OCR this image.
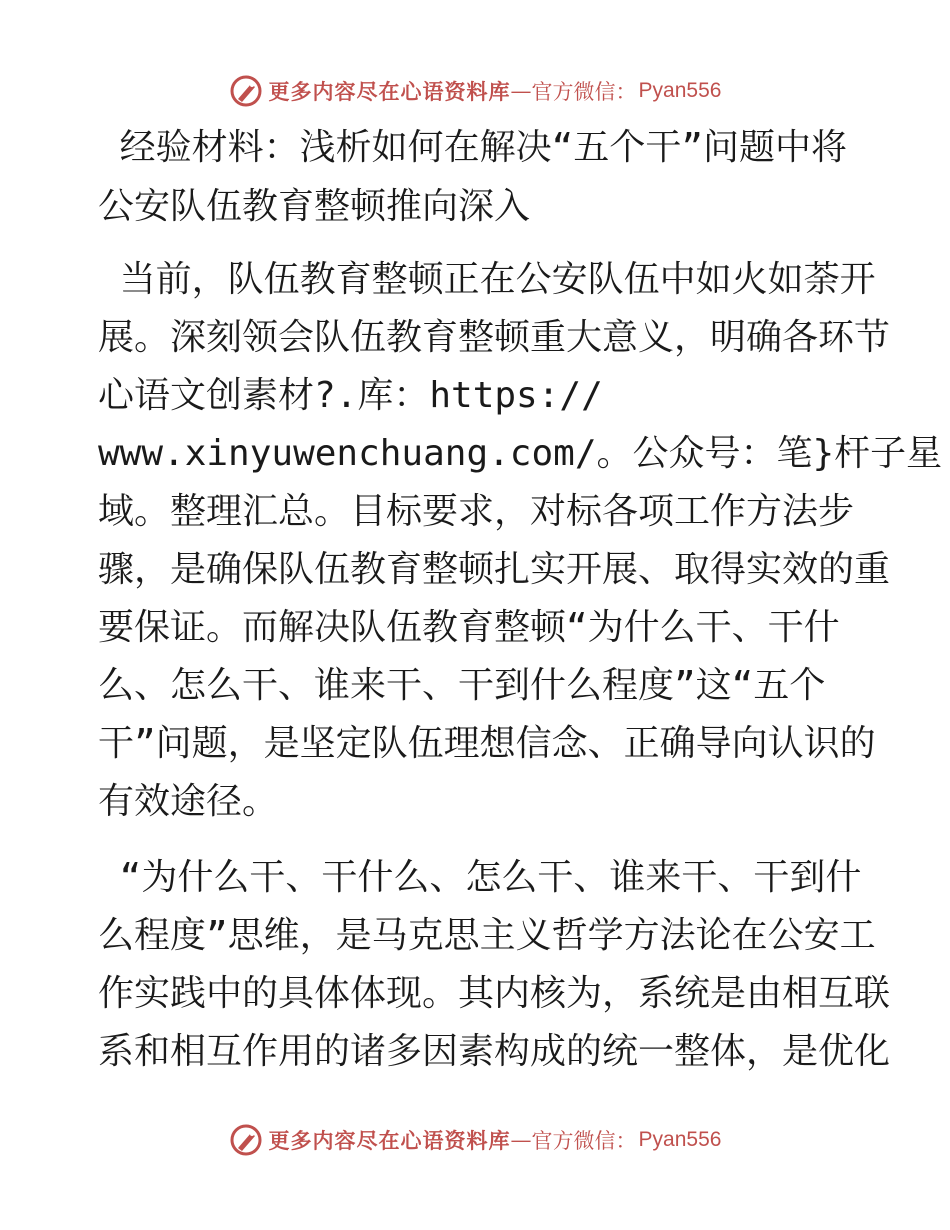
更多内容尽在心语资料库 — 官方微信： Pyan556

经验材料：浅析如何在解决“五个干”问题中将

公安队伍教育整顿推向深入

当前，队伍教育整顿正在公安队伍中如火如荼开

展。深刻领会队伍教育整顿重大意义，明确各环节

心语文创素材?.库：https://

www.xinyuwenchuang.com/。公众号：笔}杆子星

域。整理汇总。目标要求，对标各项工作方法步

骤，是确保队伍教育整顿扎实开展、取得实效的重

要保证。而解决队伍教育整顿“为什么干、干什

么、怎么干、谁来干、干到什么程度”这“五个

干”问题，是坚定队伍理想信念、正确导向认识的

有效途径。

“为什么干、干什么、怎么干、谁来干、干到什

么程度”思维，是马克思主义哲学方法论在公安工

作实践中的具体体现。其内核为，系统是由相互联

系和相互作用的诸多因素构成的统一整体，是优化

更多内容尽在心语资料库 — 官方微信： Pyan556
